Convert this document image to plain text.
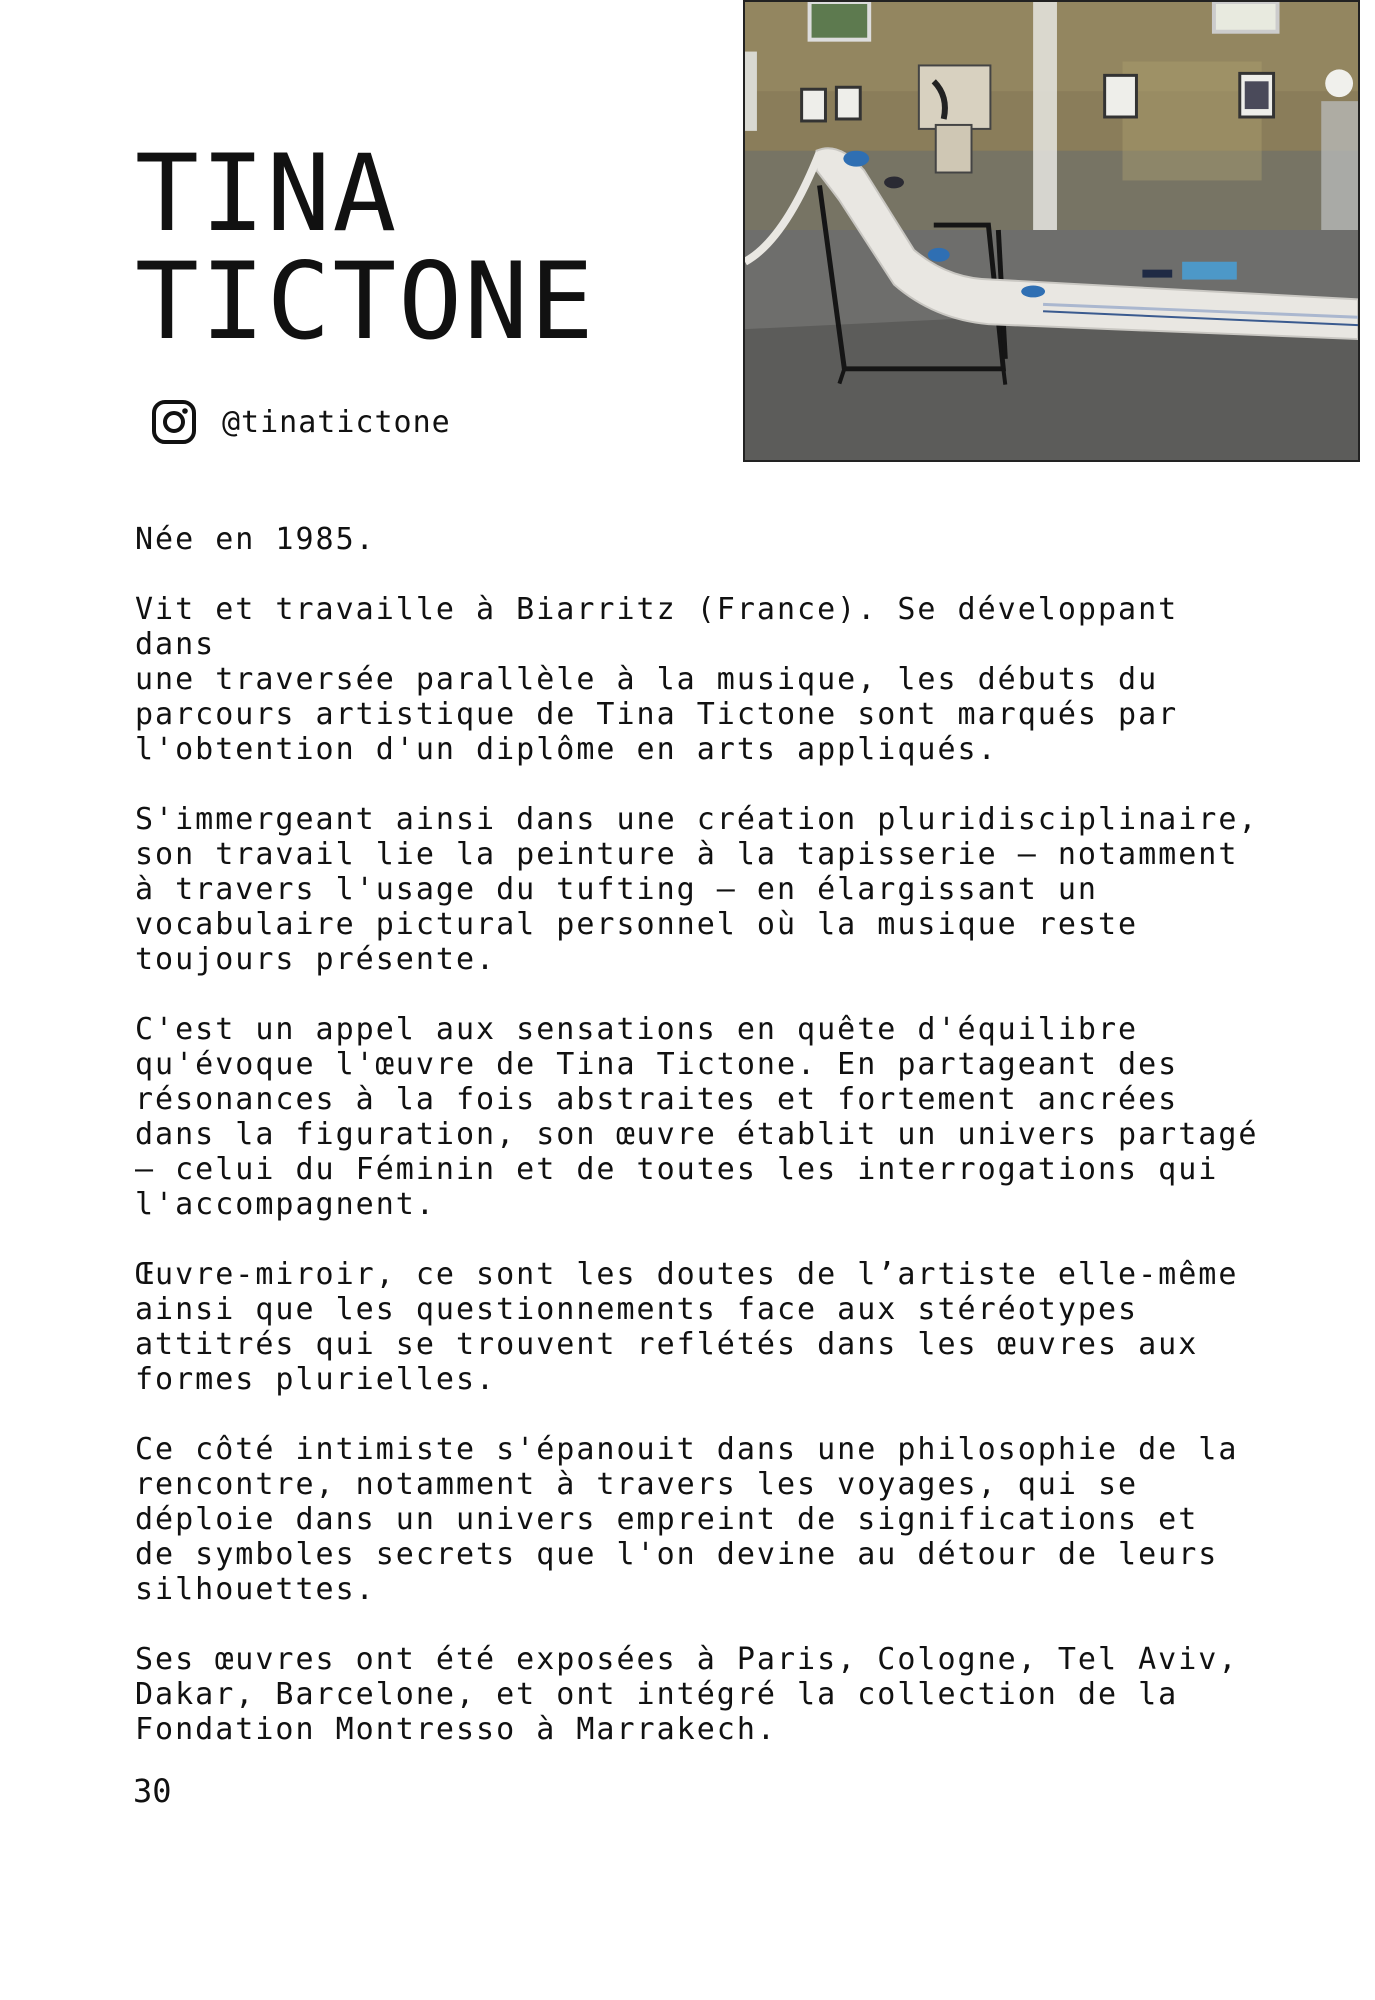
TINA
TICTONE
@tinatictone

Née en 1985.

Vit et travaille à Biarritz (France). Se développant dans
une traversée parallèle à la musique, les débuts du
parcours artistique de Tina Tictone sont marqués par
l'obtention d'un diplôme en arts appliqués.

S'immergeant ainsi dans une création pluridisciplinaire,
son travail lie la peinture à la tapisserie — notamment
à travers l'usage du tufting — en élargissant un
vocabulaire pictural personnel où la musique reste
toujours présente.

C'est un appel aux sensations en quête d'équilibre
qu'évoque l'œuvre de Tina Tictone. En partageant des
résonances à la fois abstraites et fortement ancrées
dans la figuration, son œuvre établit un univers partagé
— celui du Féminin et de toutes les interrogations qui
l'accompagnent.

Œuvre-miroir, ce sont les doutes de l’artiste elle-même
ainsi que les questionnements face aux stéréotypes
attitrés qui se trouvent reflétés dans les œuvres aux
formes plurielles.

Ce côté intimiste s'épanouit dans une philosophie de la
rencontre, notamment à travers les voyages, qui se
déploie dans un univers empreint de significations et
de symboles secrets que l'on devine au détour de leurs
silhouettes.

Ses œuvres ont été exposées à Paris, Cologne, Tel Aviv,
Dakar, Barcelone, et ont intégré la collection de la
Fondation Montresso à Marrakech.

30
